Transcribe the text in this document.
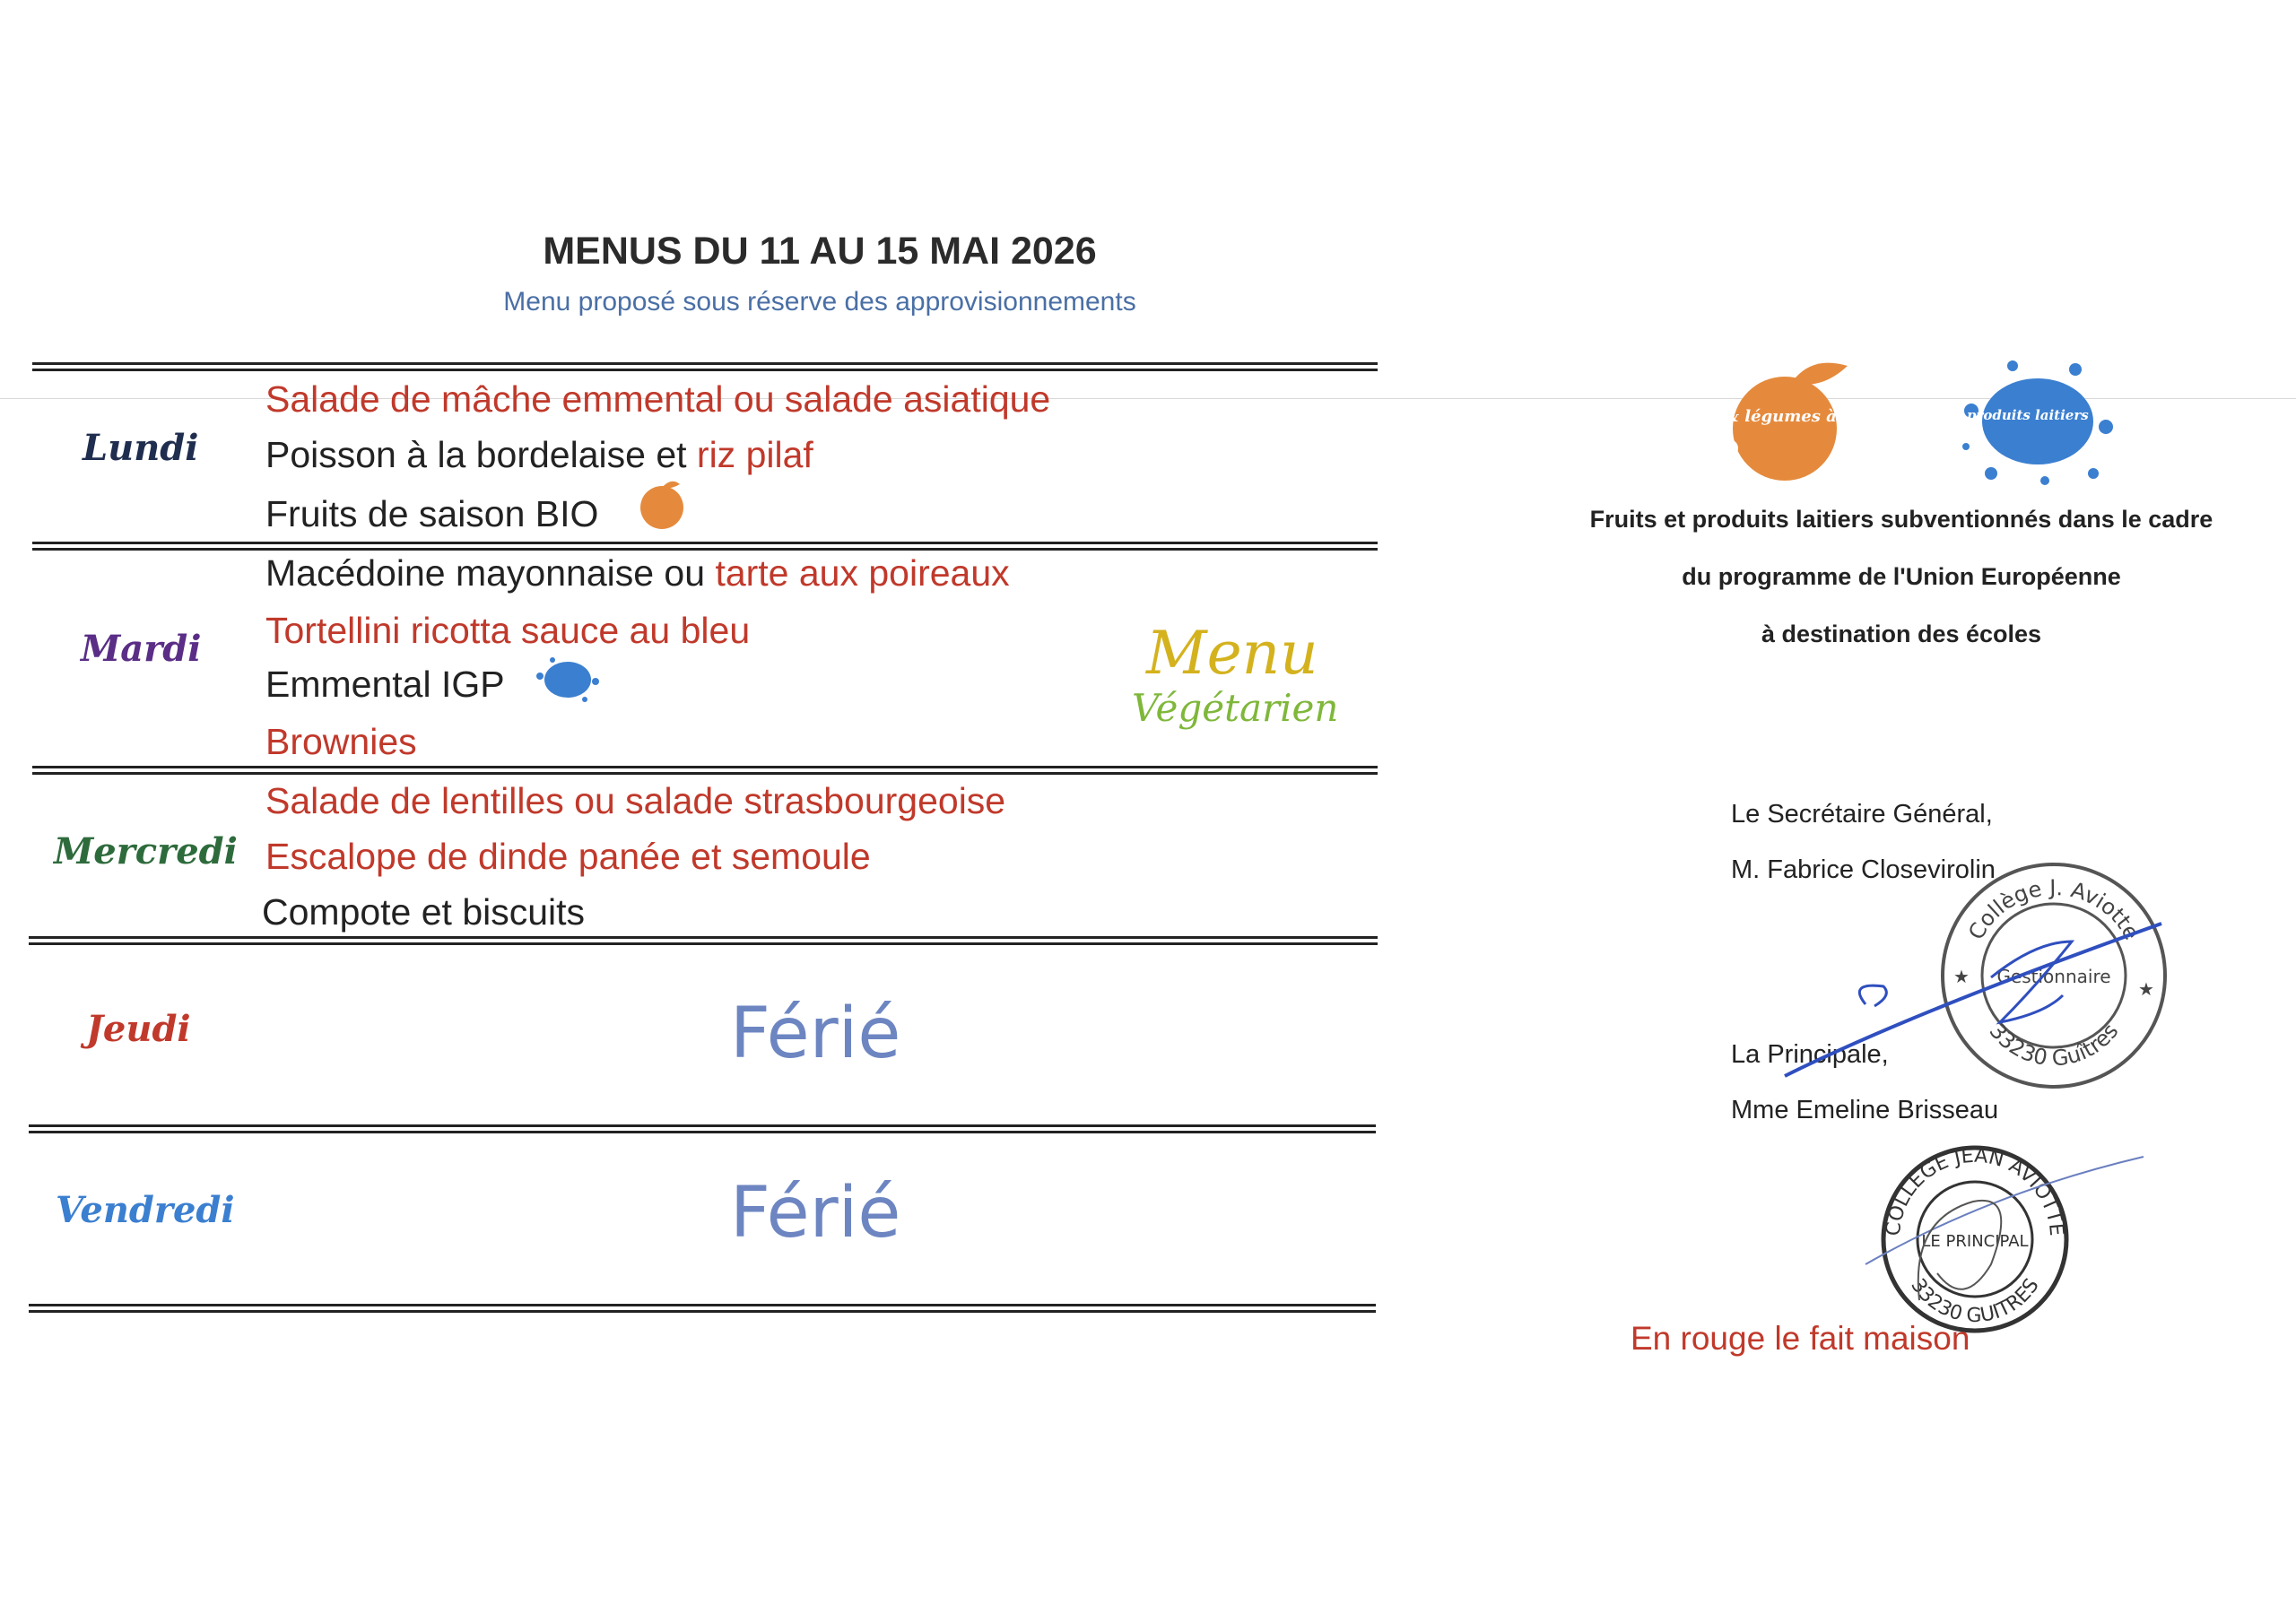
MENUS DU 11 AU 15 MAI 2026
Menu proposé sous réserve des approvisionnements
Lundi
Salade de mâche emmental ou salade asiatique
Poisson à la bordelaise et riz pilaf
Fruits de saison BIO
Mardi
Macédoine mayonnaise ou tarte aux poireaux
Tortellini ricotta sauce au bleu
Emmental IGP
Brownies
Menu
Végétarien
Mercredi
Salade de lentilles ou salade strasbourgeoise
Escalope de dinde panée et semoule
Compote et biscuits
Jeudi	Férié
Vendredi	Férié
fruits & légumes à l'école lait & produits laitiers à l'école
Fruits et produits laitiers subventionnés dans le cadre
du programme de l'Union Européenne
à destination des écoles
Le Secrétaire Général,
M. Fabrice Closevirolin
La Principale,
Mme Emeline Brisseau
Collège J. Aviotte
Gestionnaire
33230 Guîtres
★
★
COLLEGE JEAN AVIOTTE
LE PRINCIPAL
33230 GUITRES
En rouge le fait maison
